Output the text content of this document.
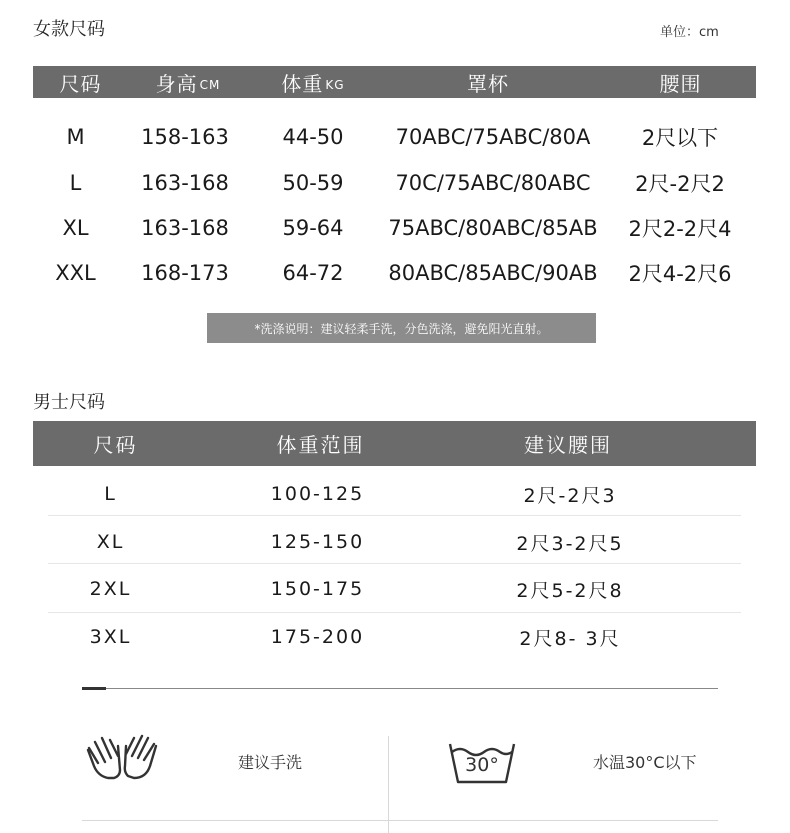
女款尺码	单位：cm
尺码	身高 CM	体重 KG	罩杯	腰围
M	158-163	44-50	70ABC/75ABC/80A	2尺以下
L	163-168	50-59	70C/75ABC/80ABC	2尺-2尺2
XL	163-168	59-64	75ABC/80ABC/85AB	2尺2-2尺4
XXL	168-173	64-72	80ABC/85ABC/90AB	2尺4-2尺6
*洗涤说明：建议轻柔手洗，分色洗涤，避免阳光直射。
男士尺码
尺码	体重范围	建议腰围
L	100-125	2尺-2尺3
XL	125-150	2尺3-2尺5
2XL	150-175	2尺5-2尺8
3XL	175-200	2尺8- 3尺
建议手洗	30°	水温30°C以下
